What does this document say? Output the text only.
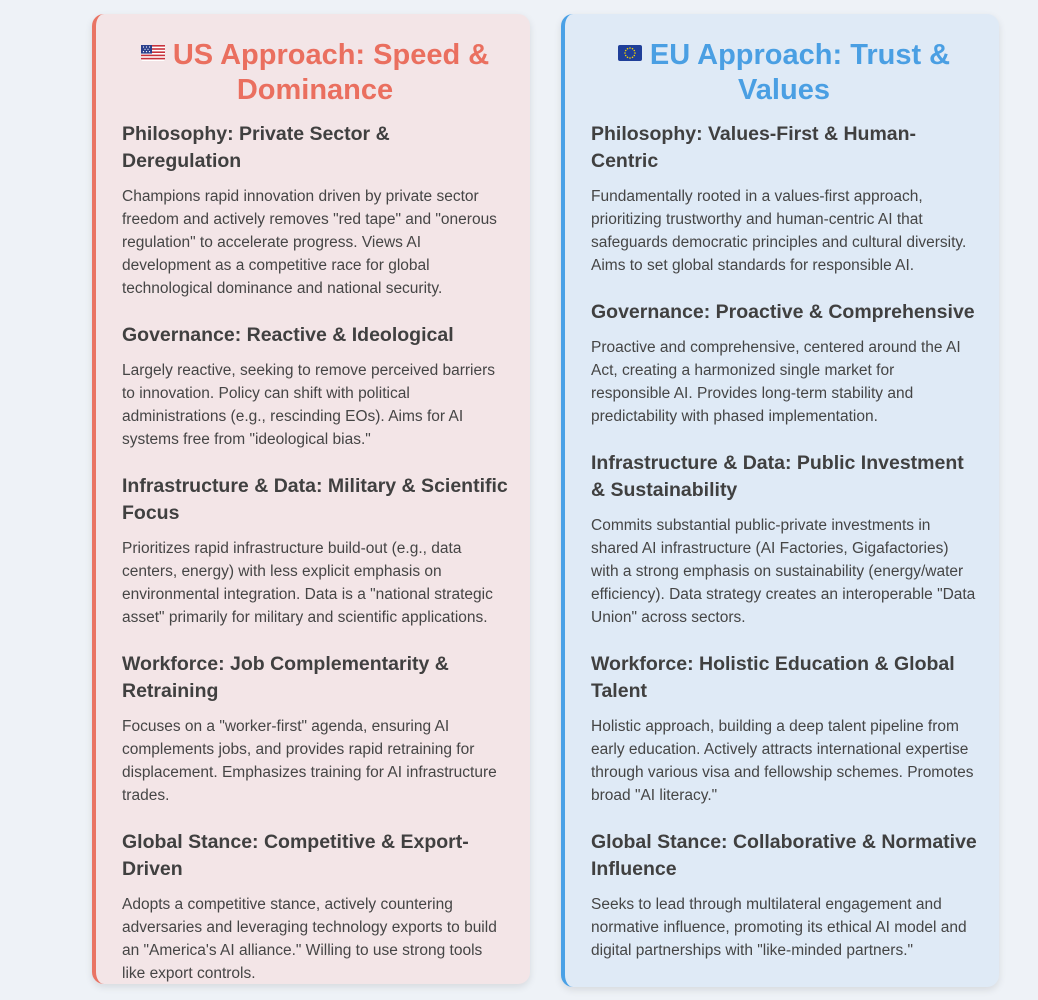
US Approach: Speed & Dominance
Philosophy: Private Sector & Deregulation

Champions rapid innovation driven by private sector freedom and actively removes "red tape" and "onerous regulation" to accelerate progress. Views AI development as a competitive race for global technological dominance and national security.

Governance: Reactive & Ideological

Largely reactive, seeking to remove perceived barriers to innovation. Policy can shift with political administrations (e.g., rescinding EOs). Aims for AI systems free from "ideological bias."

Infrastructure & Data: Military & Scientific Focus

Prioritizes rapid infrastructure build-out (e.g., data centers, energy) with less explicit emphasis on environmental integration. Data is a "national strategic asset" primarily for military and scientific applications.

Workforce: Job Complementarity & Retraining

Focuses on a "worker-first" agenda, ensuring AI complements jobs, and provides rapid retraining for displacement. Emphasizes training for AI infrastructure trades.

Global Stance: Competitive & Export-Driven

Adopts a competitive stance, actively countering adversaries and leveraging technology exports to build an "America's AI alliance." Willing to use strong tools like export controls.

EU Approach: Trust & Values
Philosophy: Values-First & Human-Centric

Fundamentally rooted in a values-first approach, prioritizing trustworthy and human-centric AI that safeguards democratic principles and cultural diversity. Aims to set global standards for responsible AI.

Governance: Proactive & Comprehensive

Proactive and comprehensive, centered around the AI Act, creating a harmonized single market for responsible AI. Provides long-term stability and predictability with phased implementation.

Infrastructure & Data: Public Investment & Sustainability

Commits substantial public-private investments in shared AI infrastructure (AI Factories, Gigafactories) with a strong emphasis on sustainability (energy/water efficiency). Data strategy creates an interoperable "Data Union" across sectors.

Workforce: Holistic Education & Global Talent

Holistic approach, building a deep talent pipeline from early education. Actively attracts international expertise through various visa and fellowship schemes. Promotes broad "AI literacy."

Global Stance: Collaborative & Normative Influence

Seeks to lead through multilateral engagement and normative influence, promoting its ethical AI model and digital partnerships with "like-minded partners."
